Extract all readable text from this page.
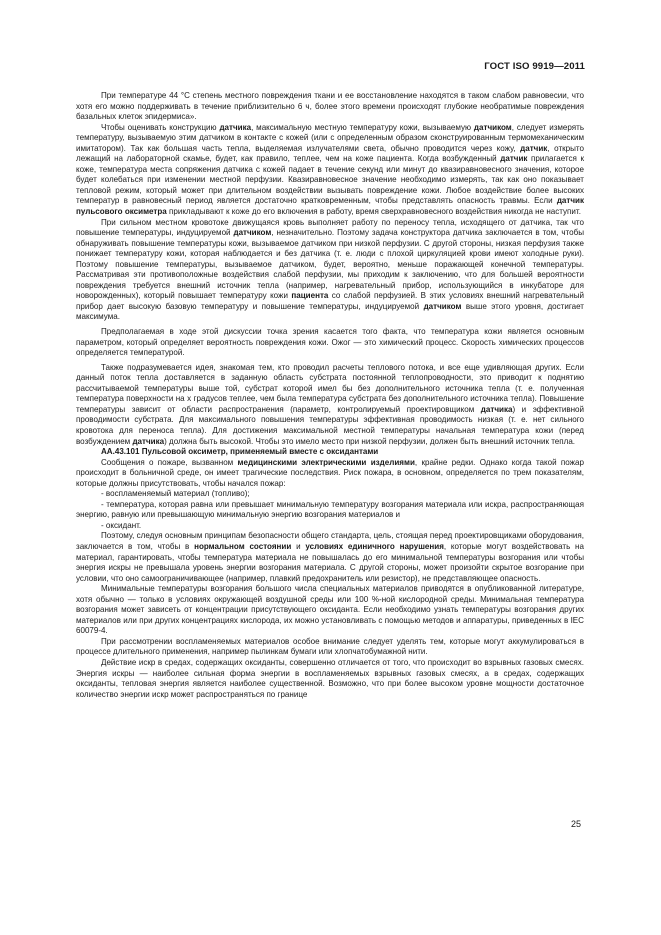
ГОСТ ISO 9919—2011

При температуре 44 °С степень местного повреждения ткани и ее восстановление находятся в таком слабом равновесии, что хотя его можно поддерживать в течение приблизительно 6 ч, более этого времени происходят глубокие необратимые повреждения базальных клеток эпидермиса».

Чтобы оценивать конструкцию датчика, максимальную местную температуру кожи, вызываемую датчиком, следует измерять температуру, вызываемую этим датчиком в контакте с кожей (или с определенным образом сконструированным термомеханическим имитатором). Так как большая часть тепла, выделяемая излучателями света, обычно проводится через кожу, датчик, открыто лежащий на лабораторной скамье, будет, как правило, теплее, чем на коже пациента. Когда возбужденный датчик прилагается к коже, температура места сопряжения датчика с кожей падает в течение секунд или минут до квазиравновесного значения, которое будет колебаться при изменении местной перфузии. Квазиравновесное значение необходимо измерять, так как оно показывает тепловой режим, который может при длительном воздействии вызывать повреждение кожи. Любое воздействие более высоких температур в равновесный период является достаточно кратковременным, чтобы представлять опасность травмы. Если датчик пульсового оксиметра прикладывают к коже до его включения в работу, время сверхравновесного воздействия никогда не наступит.

При сильном местном кровотоке движущаяся кровь выполняет работу по переносу тепла, исходящего от датчика, так что повышение температуры, индуцируемой датчиком, незначительно. Поэтому задача конструктора датчика заключается в том, чтобы обнаруживать повышение температуры кожи, вызываемое датчиком при низкой перфузии. С другой стороны, низкая перфузия также понижает температуру кожи, которая наблюдается и без датчика (т. е. люди с плохой циркуляцией крови имеют холодные руки). Поэтому повышение температуры, вызываемое датчиком, будет, вероятно, меньше поражающей конечной температуры. Рассматривая эти противоположные воздействия слабой перфузии, мы приходим к заключению, что для большей вероятности повреждения требуется внешний источник тепла (например, нагревательный прибор, использующийся в инкубаторе для новорожденных), который повышает температуру кожи пациента со слабой перфузией. В этих условиях внешний нагревательный прибор дает высокую базовую температуру и повышение температуры, индуцируемой датчиком выше этого уровня, достигает максимума.

Предполагаемая в ходе этой дискуссии точка зрения касается того факта, что температура кожи является основным параметром, который определяет вероятность повреждения кожи. Ожог — это химический процесс. Скорость химических процессов определяется температурой.

Также подразумевается идея, знакомая тем, кто проводил расчеты теплового потока, и все еще удивляющая других. Если данный поток тепла доставляется в заданную область субстрата постоянной теплопроводности, это приводит к поднятию рассчитываемой температуры выше той, субстрат которой имел бы без дополнительного источника тепла (т. е. полученная температура поверхности на х градусов теплее, чем была температура субстрата без дополнительного источника тепла). Повышение температуры зависит от области распространения (параметр, контролируемый проектировщиком датчика) и эффективной проводимости субстрата. Для максимального повышения температуры эффективная проводимость низкая (т. е. нет сильного кровотока для переноса тепла). Для достижения максимальной местной температуры начальная температура кожи (перед возбуждением датчика) должна быть высокой. Чтобы это имело место при низкой перфузии, должен быть внешний источник тепла.

АА.43.101 Пульсовой оксиметр, применяемый вместе с оксидантами

Сообщения о пожаре, вызванном медицинскими электрическими изделиями, крайне редки. Однако когда такой пожар происходит в больничной среде, он имеет трагические последствия. Риск пожара, в основном, определяется по трем показателям, которые должны присутствовать, чтобы начался пожар:

- воспламеняемый материал (топливо);

- температура, которая равна или превышает минимальную температуру возгорания материала или искра, распространяющая энергию, равную или превышающую минимальную энергию возгорания материалов и

- оксидант.

Поэтому, следуя основным принципам безопасности общего стандарта, цель, стоящая перед проектировщиками оборудования, заключается в том, чтобы в нормальном состоянии и условиях единичного нарушения, которые могут воздействовать на материал, гарантировать, чтобы температура материала не повышалась до его минимальной температуры возгорания или чтобы энергия искры не превышала уровень энергии возгорания материала. С другой стороны, может произойти скрытое возгорание при условии, что оно самоограничивающее (например, плавкий предохранитель или резистор), не представляющее опасность.

Минимальные температуры возгорания большого числа специальных материалов приводятся в опубликованной литературе, хотя обычно — только в условиях окружающей воздушной среды или 100 %-ной кислородной среды. Минимальная температура возгорания может зависеть от концентрации присутствующего оксиданта. Если необходимо узнать температуры возгорания других материалов или при других концентрациях кислорода, их можно установливать с помощью методов и аппаратуры, приведенных в IEC 60079-4.

При рассмотрении воспламеняемых материалов особое внимание следует уделять тем, которые могут аккумулироваться в процессе длительного применения, например пылинкам бумаги или хлопчатобумажной нити.

Действие искр в средах, содержащих оксиданты, совершенно отличается от того, что происходит во взрывных газовых смесях. Энергия искры — наиболее сильная форма энергии в воспламеняемых взрывных газовых смесях, а в средах, содержащих оксиданты, тепловая энергия является наиболее существенной. Возможно, что при более высоком уровне мощности достаточное количество энергии искр может распространяться по границе

25
